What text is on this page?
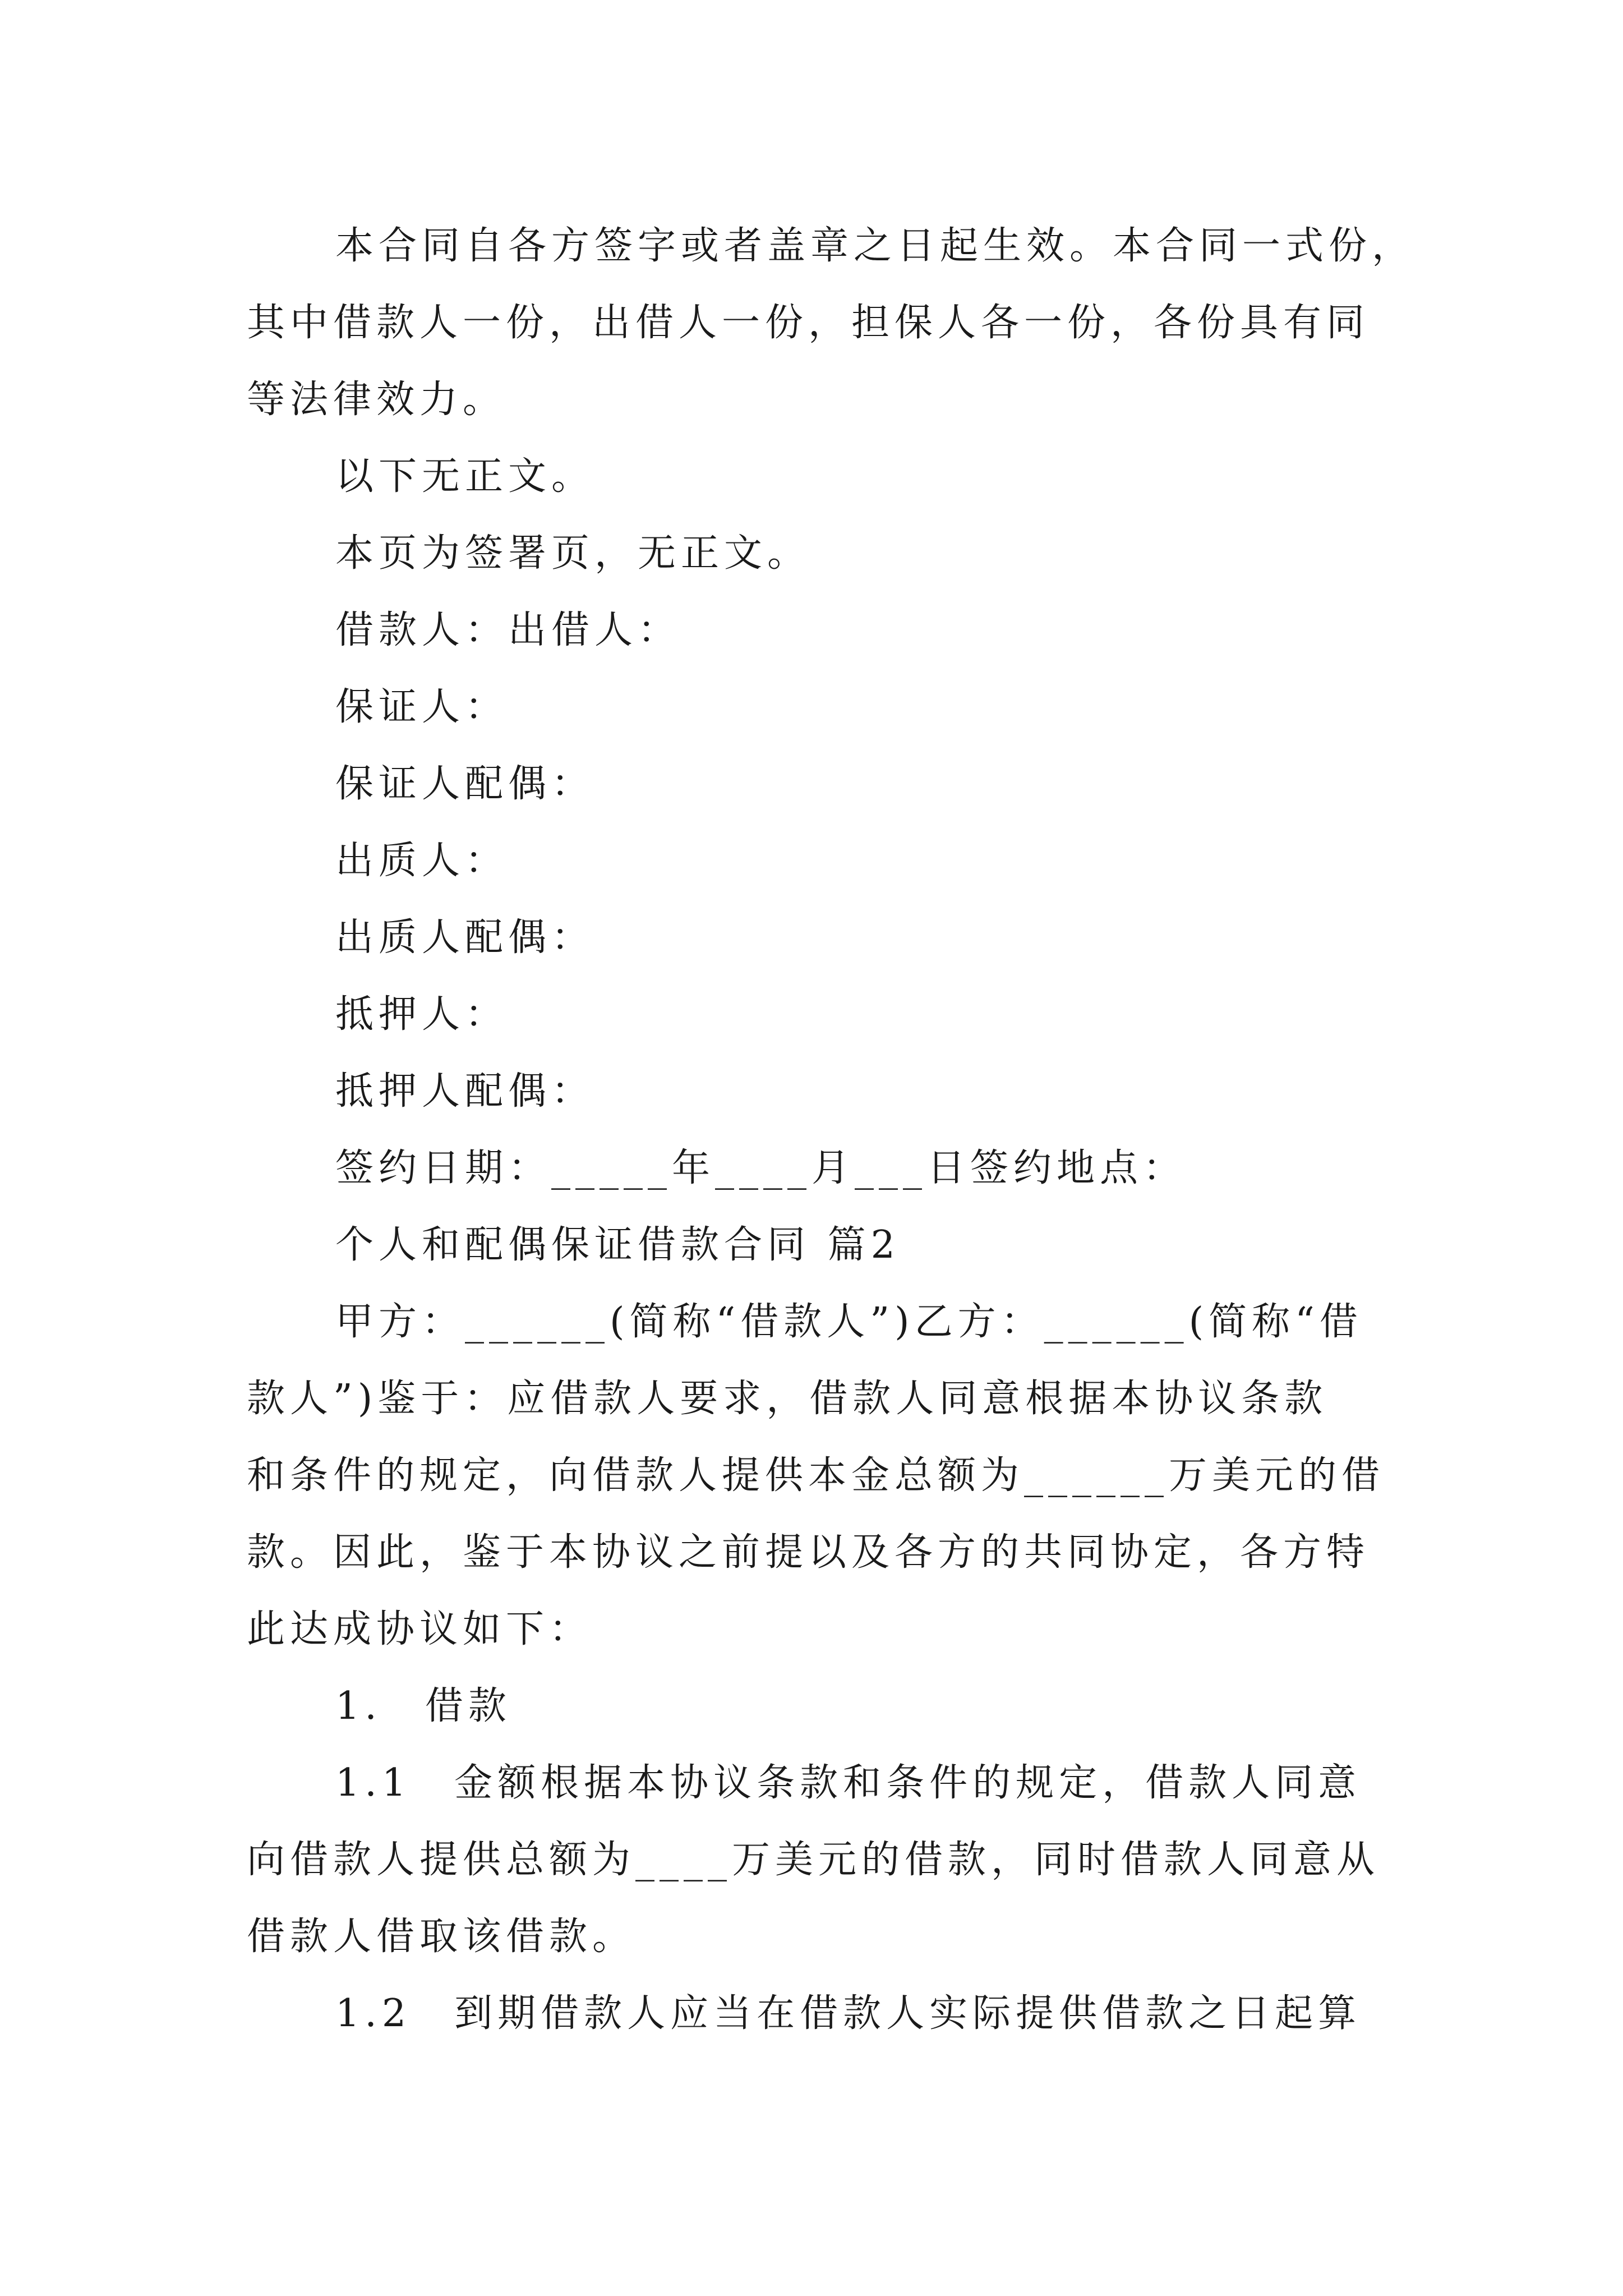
本合同自各方签字或者盖章之日起生效。本合同一式份，
其中借款人一份，出借人一份，担保人各一份，各份具有同
等法律效力。
以下无正文。
本页为签署页，无正文。
借款人：出借人：
保证人：
保证人配偶：
出质人：
出质人配偶：
抵押人：
抵押人配偶：
签约日期：_____年____月___日签约地点：
个人和配偶保证借款合同 篇2
甲方：______(简称“借款人”)乙方：______(简称“借
款人”)鉴于：应借款人要求，借款人同意根据本协议条款
和条件的规定，向借款人提供本金总额为______万美元的借
款。因此，鉴于本协议之前提以及各方的共同协定，各方特
此达成协议如下：
1.　借款
1.1　金额根据本协议条款和条件的规定，借款人同意
向借款人提供总额为____万美元的借款，同时借款人同意从
借款人借取该借款。
1.2　到期借款人应当在借款人实际提供借款之日起算
